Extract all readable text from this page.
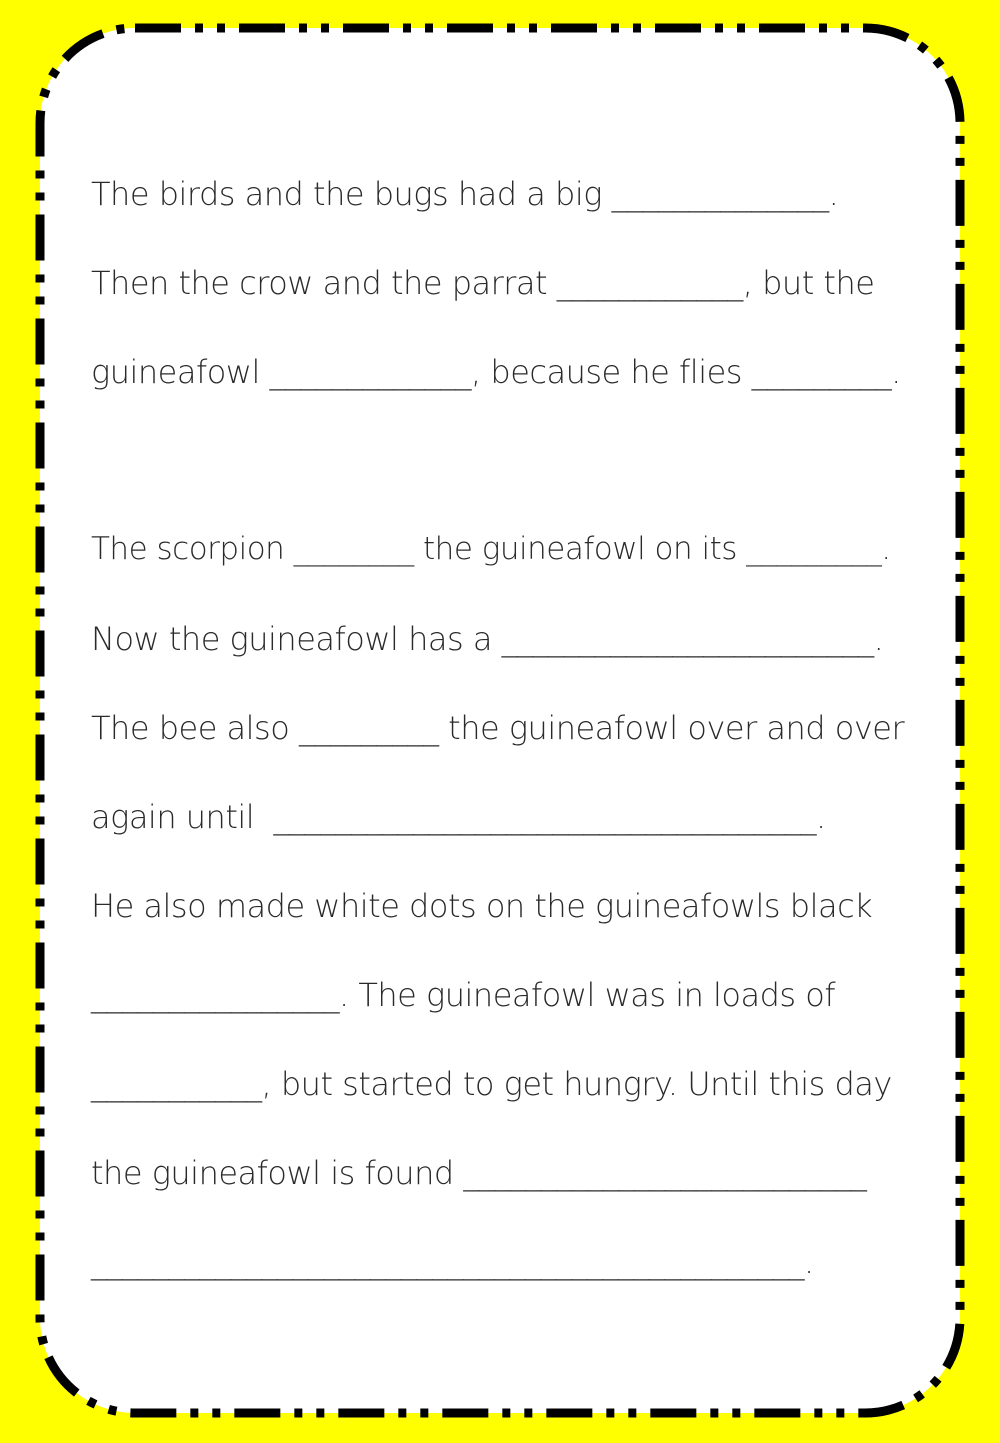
The birds and the bugs had a big ______________.
Then the crow and the parrat ____________, but the
guineafowl _____________, because he flies _________.
The scorpion ________ the guineafowl on its _________.
Now the guineafowl has a ________________________.
The bee also _________ the guineafowl over and over
again until  ___________________________________.
He also made white dots on the guineafowls black
________________. The guineafowl was in loads of
___________, but started to get hungry. Until this day
the guineafowl is found __________________________
______________________________________________.
